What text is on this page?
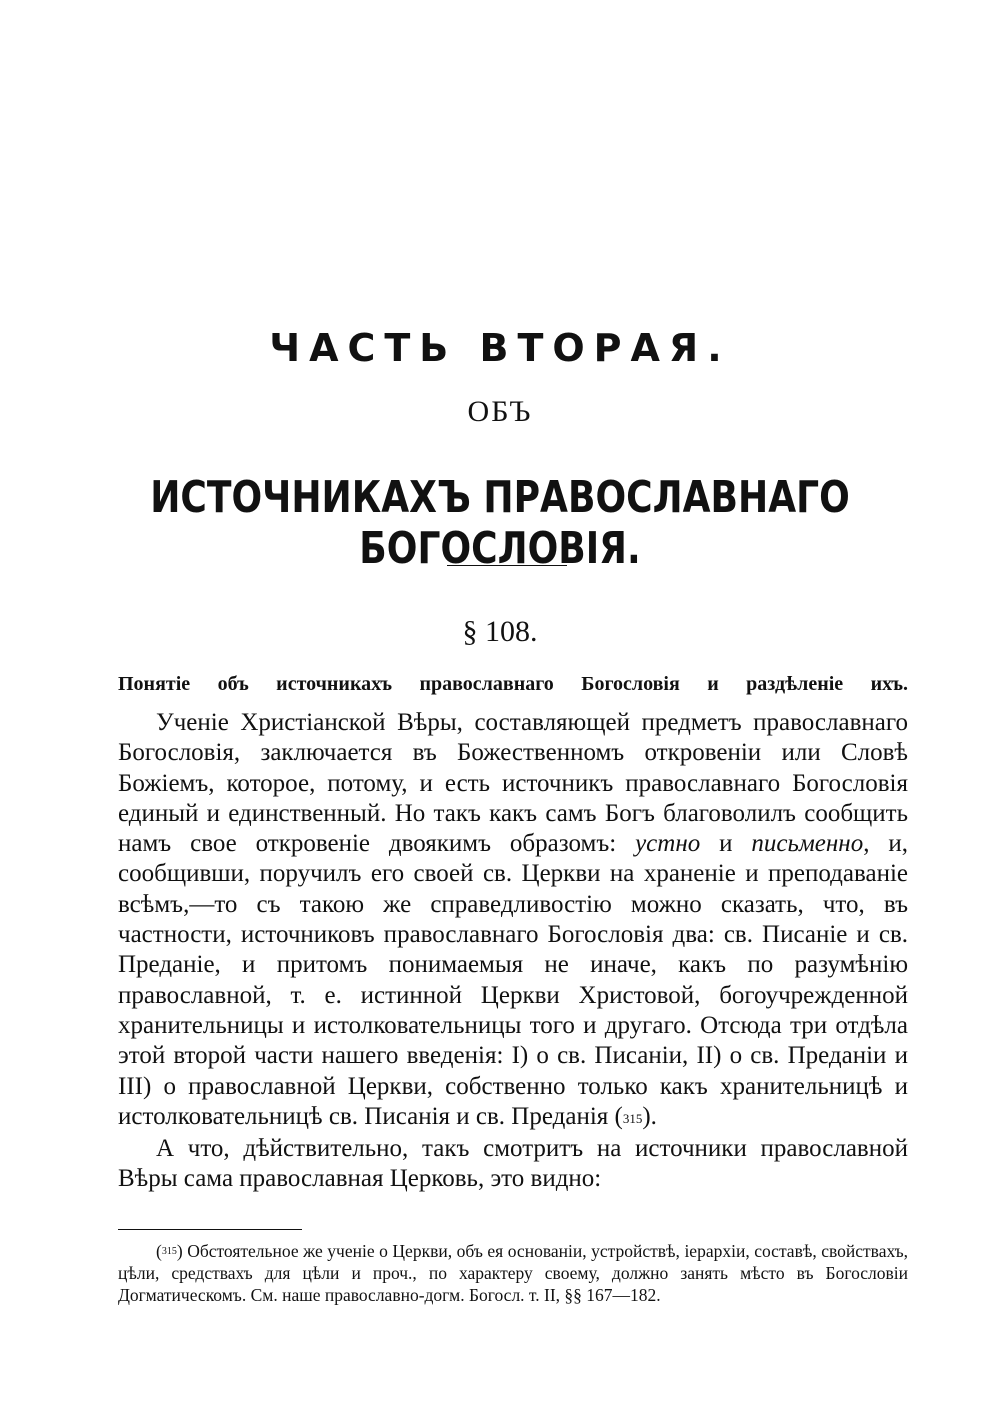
ЧАСТЬ ВТОРАЯ.
ОБЪ
ИСТОЧНИКАХЪ ПРАВОСЛАВНАГО БОГОСЛОВІЯ.
§ 108.
Понятіе объ источникахъ православнаго Богословія и раздѣленіе ихъ.

Ученіе Христіанской Вѣры, составляющей предметъ православнаго Богословія, заключается въ Божественномъ откровеніи или Словѣ Божіемъ, которое, потому, и есть источникъ православнаго Богословія единый и единственный. Но такъ какъ самъ Богъ благоволилъ сообщить намъ свое откровеніе двоякимъ образомъ: устно и письменно, и, сообщивши, поручилъ его своей св. Церкви на храненіе и преподаваніе всѣмъ,—то съ такою же справедливостію можно сказать, что, въ частности, источниковъ православнаго Богословія два: св. Писаніе и св. Преданіе, и притомъ понимаемыя не иначе, какъ по разумѣнію православной, т. е. истинной Церкви Христовой, богоучрежденной хранительницы и истолковательницы того и другаго. Отсюда три отдѣла этой второй части нашего введенія: I) о св. Писаніи, II) о св. Преданіи и III) о православной Церкви, собственно только какъ хранительницѣ и истолковательницѣ св. Писанія и св. Преданія ($^{315}$).

А что, дѣйствительно, такъ смотритъ на источники православной Вѣры сама православная Церковь, это видно:

($^{315}$) Обстоятельное же ученіе о Церкви, объ ея основаніи, устройствѣ, іерархіи, составѣ, свойствахъ, цѣли, средствахъ для цѣли и проч., по характеру своему, должно занять мѣсто въ Богословіи Догматическомъ. См. наше православно-догм. Богосл. т. II, §§ 167—182.
